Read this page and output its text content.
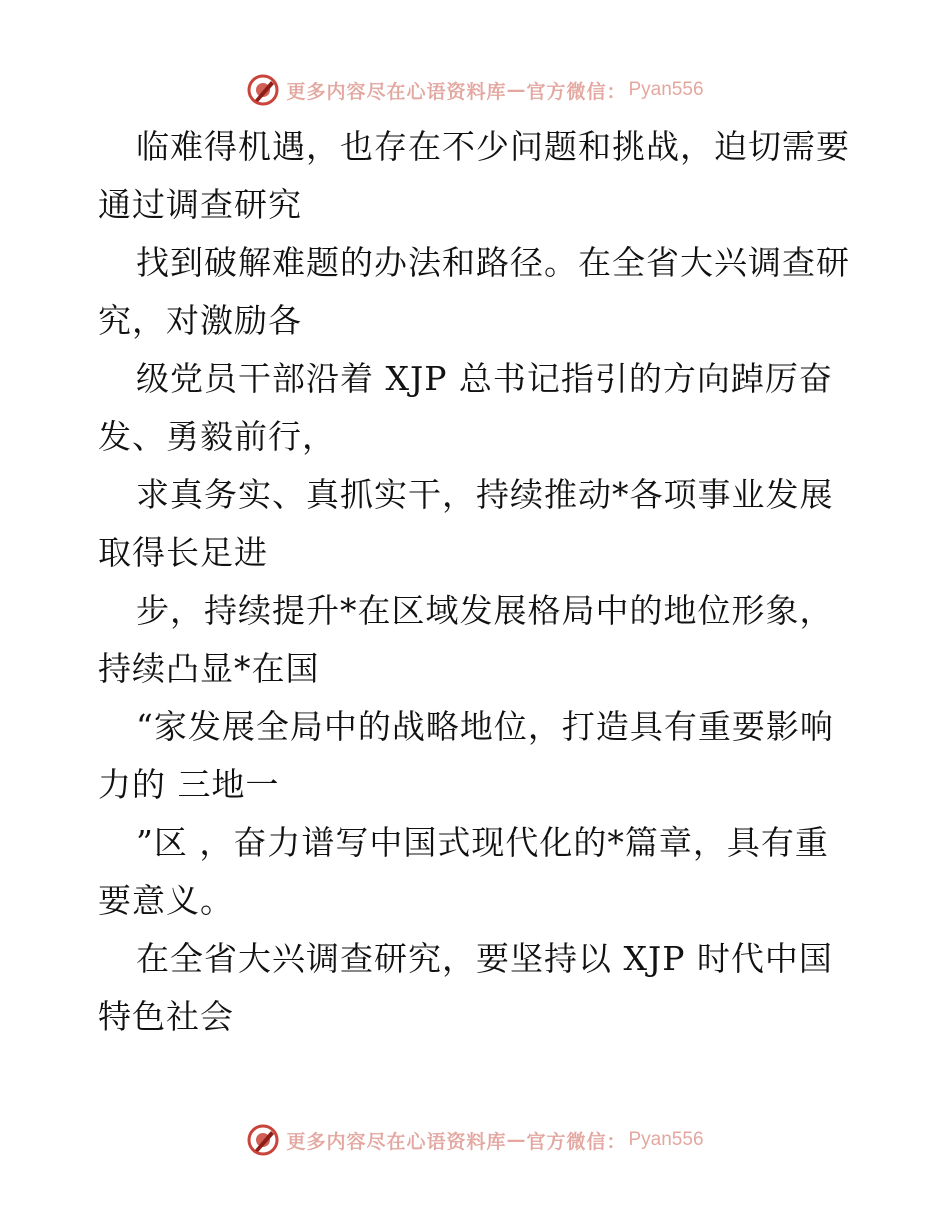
更多内容尽在心语资料库 — 官方微信： Pyan556

临难得机遇，也存在不少问题和挑战，迫切需要
通过调查研究

找到破解难题的办法和路径。在全省大兴调查研
究，对激励各

级党员干部沿着 XJP 总书记指引的方向踔厉奋
发、勇毅前行，

求真务实、真抓实干，持续推动*各项事业发展
取得长足进

步，持续提升*在区域发展格局中的地位形象，
持续凸显*在国

“家发展全局中的战略地位，打造具有重要影响
力的 三地一

”区 ，奋力谱写中国式现代化的*篇章，具有重
要意义。

在全省大兴调查研究，要坚持以 XJP 时代中国
特色社会

更多内容尽在心语资料库 — 官方微信： Pyan556
